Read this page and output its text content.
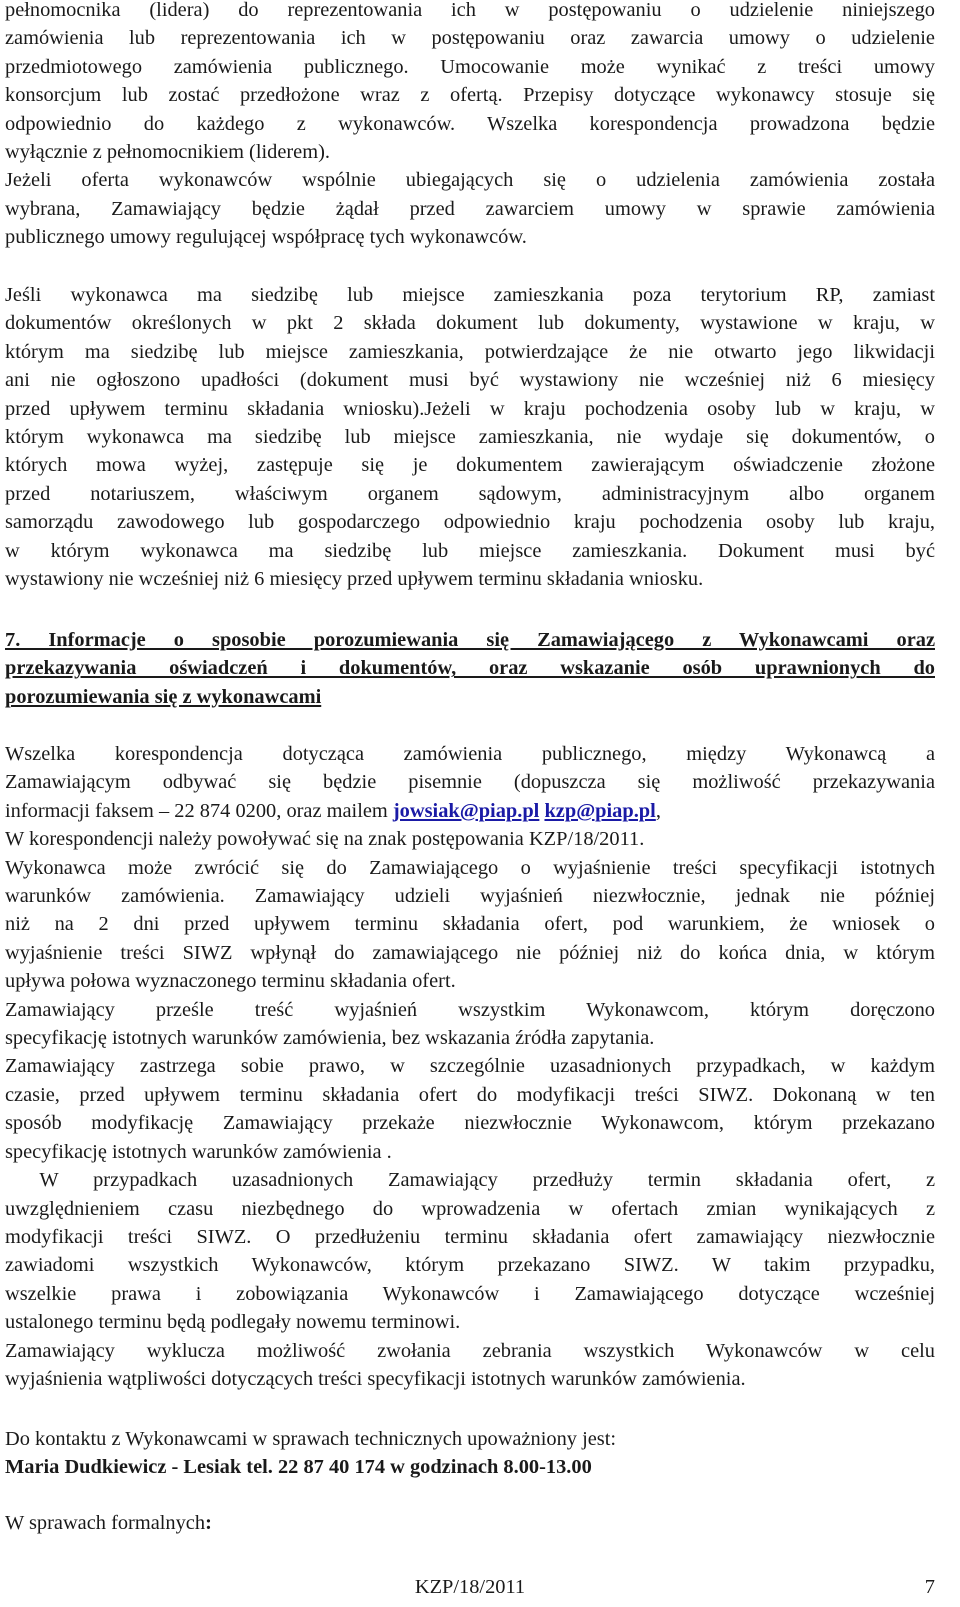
pełnomocnika (lidera) do reprezentowania ich w postępowaniu o udzielenie niniejszego
zamówienia lub reprezentowania ich w postępowaniu oraz zawarcia umowy o udzielenie
przedmiotowego zamówienia publicznego. Umocowanie może wynikać z treści umowy
konsorcjum lub zostać przedłożone wraz z ofertą. Przepisy dotyczące wykonawcy stosuje się
odpowiednio do każdego z wykonawców. Wszelka korespondencja prowadzona będzie
wyłącznie z pełnomocnikiem (liderem).
Jeżeli oferta wykonawców wspólnie ubiegających się o udzielenia zamówienia została
wybrana, Zamawiający będzie żądał przed zawarciem umowy w sprawie zamówienia
publicznego umowy regulującej współpracę tych wykonawców.
Jeśli wykonawca ma siedzibę lub miejsce zamieszkania poza terytorium RP, zamiast
dokumentów określonych w pkt 2 składa dokument lub dokumenty, wystawione w kraju, w
którym ma siedzibę lub miejsce zamieszkania, potwierdzające że nie otwarto jego likwidacji
ani nie ogłoszono upadłości (dokument musi być wystawiony nie wcześniej niż 6 miesięcy
przed upływem terminu składania wniosku).Jeżeli w kraju pochodzenia osoby lub w kraju, w
którym wykonawca ma siedzibę lub miejsce zamieszkania, nie wydaje się dokumentów, o
których mowa wyżej, zastępuje się je dokumentem zawierającym oświadczenie złożone
przed notariuszem, właściwym organem sądowym, administracyjnym albo organem
samorządu zawodowego lub gospodarczego odpowiednio kraju pochodzenia osoby lub kraju,
w którym wykonawca ma siedzibę lub miejsce zamieszkania. Dokument musi być
wystawiony nie wcześniej niż 6 miesięcy przed upływem terminu składania wniosku.
7. Informacje o sposobie porozumiewania się Zamawiającego z Wykonawcami oraz
przekazywania oświadczeń i dokumentów, oraz wskazanie osób uprawnionych do
porozumiewania się z wykonawcami
Wszelka korespondencja dotycząca zamówienia publicznego, między Wykonawcą a
Zamawiającym odbywać się będzie pisemnie (dopuszcza się możliwość przekazywania
informacji faksem – 22 874 0200, oraz mailem jowsiak@piap.pl kzp@piap.pl,
W korespondencji należy powoływać się na znak postępowania KZP/18/2011.
Wykonawca może zwrócić się do Zamawiającego o wyjaśnienie treści specyfikacji istotnych
warunków zamówienia. Zamawiający udzieli wyjaśnień niezwłocznie, jednak nie później
niż na 2 dni przed upływem terminu składania ofert, pod warunkiem, że wniosek o
wyjaśnienie treści SIWZ wpłynął do zamawiającego nie później niż do końca dnia, w którym
upływa połowa wyznaczonego terminu składania ofert.
Zamawiający prześle treść wyjaśnień wszystkim Wykonawcom, którym doręczono
specyfikację istotnych warunków zamówienia, bez wskazania źródła zapytania.
Zamawiający zastrzega sobie prawo, w szczególnie uzasadnionych przypadkach, w każdym
czasie, przed upływem terminu składania ofert do modyfikacji treści SIWZ. Dokonaną w ten
sposób modyfikację Zamawiający przekaże niezwłocznie Wykonawcom, którym przekazano
specyfikację istotnych warunków zamówienia .
W przypadkach uzasadnionych Zamawiający przedłuży termin składania ofert, z
uwzględnieniem czasu niezbędnego do wprowadzenia w ofertach zmian wynikających z
modyfikacji treści SIWZ. O przedłużeniu terminu składania ofert zamawiający niezwłocznie
zawiadomi wszystkich Wykonawców, którym przekazano SIWZ. W takim przypadku,
wszelkie prawa i zobowiązania Wykonawców i Zamawiającego dotyczące wcześniej
ustalonego terminu będą podlegały nowemu terminowi.
Zamawiający wyklucza możliwość zwołania zebrania wszystkich Wykonawców w celu
wyjaśnienia wątpliwości dotyczących treści specyfikacji istotnych warunków zamówienia.
Do kontaktu z Wykonawcami w sprawach technicznych upoważniony jest:
Maria Dudkiewicz - Lesiak tel. 22 87 40 174 w godzinach 8.00-13.00
W sprawach formalnych:
KZP/18/2011	7
